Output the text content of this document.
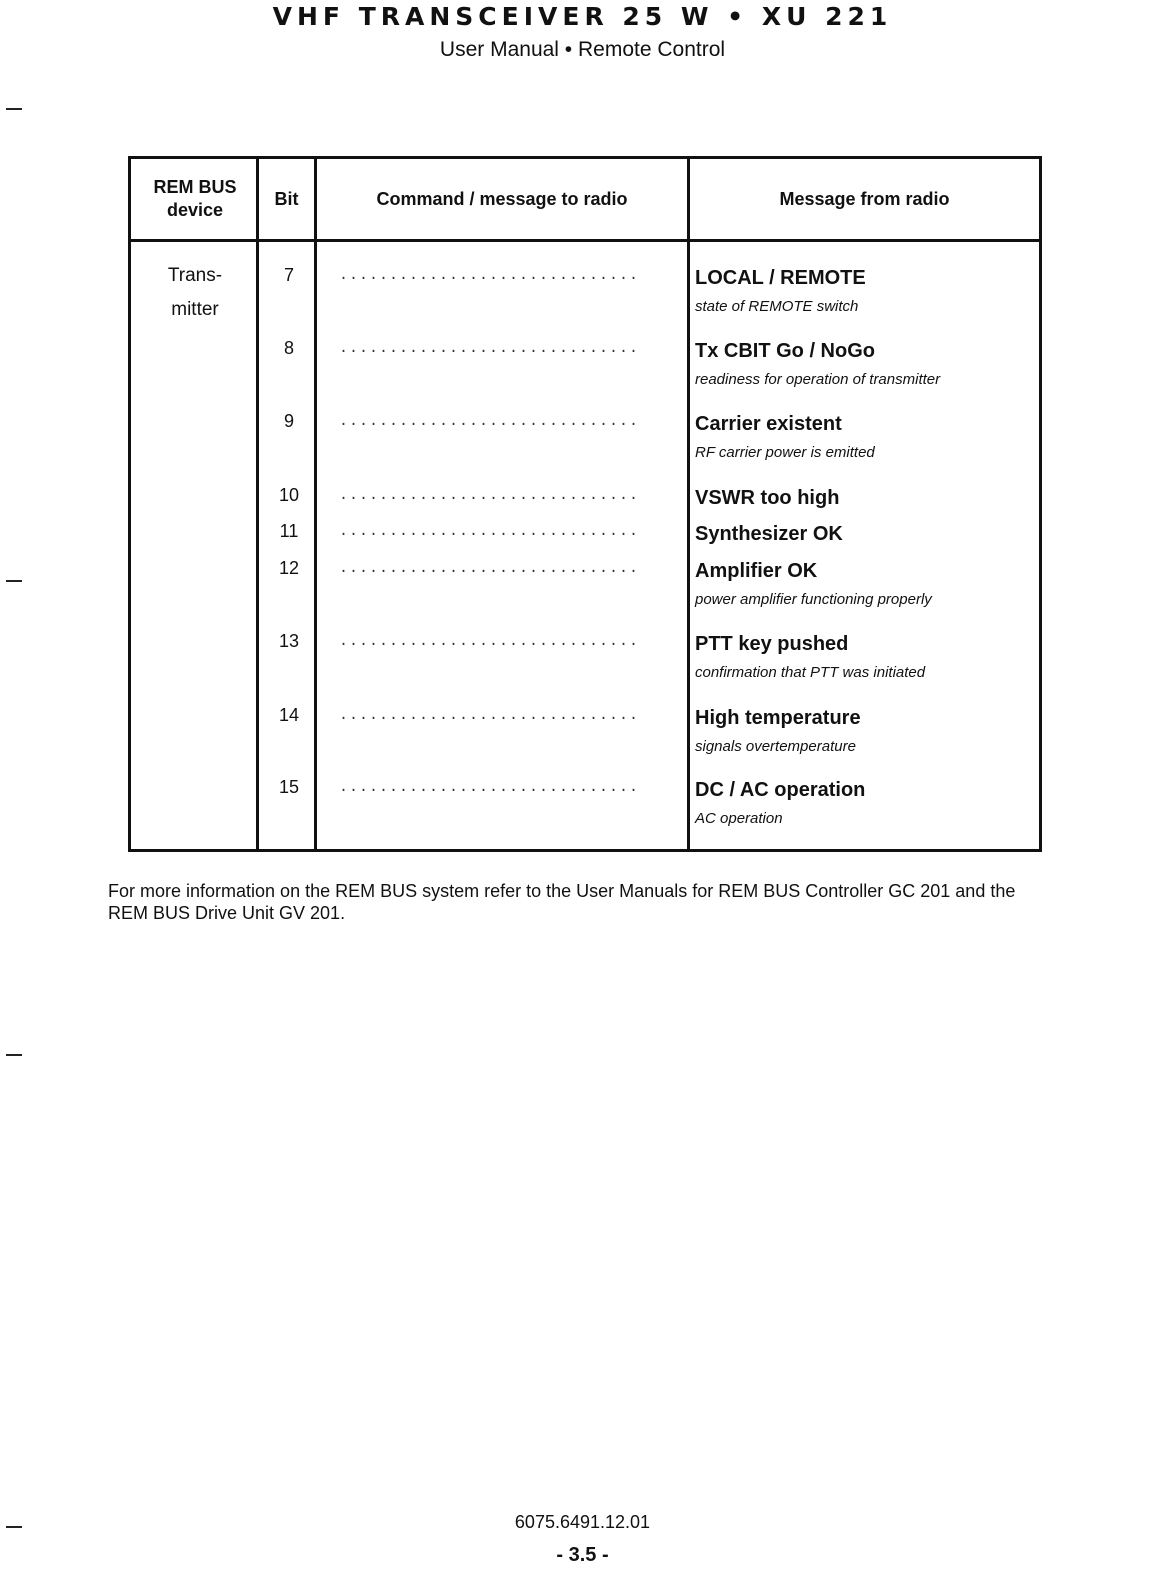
VHF TRANSCEIVER 25 W • XU 221
User Manual • Remote Control
REM BUS device
Bit	Command / message to radio	Message from radio
Trans-
mitter
7	..............................	LOCAL / REMOTE
state of REMOTE switch
8	..............................	Tx CBIT Go / NoGo
readiness for operation of transmitter
9	..............................	Carrier existent
RF carrier power is emitted
10	..............................	VSWR too high
11	..............................	Synthesizer OK
12	..............................	Amplifier OK
power amplifier functioning properly
13	..............................	PTT key pushed
confirmation that PTT was initiated
14	..............................	High temperature
signals overtemperature
15	..............................	DC / AC operation
AC operation
For more information on the REM BUS system refer to the User Manuals for REM BUS Controller GC 201 and the REM BUS Drive Unit GV 201.
6075.6491.12.01
- 3.5 -
